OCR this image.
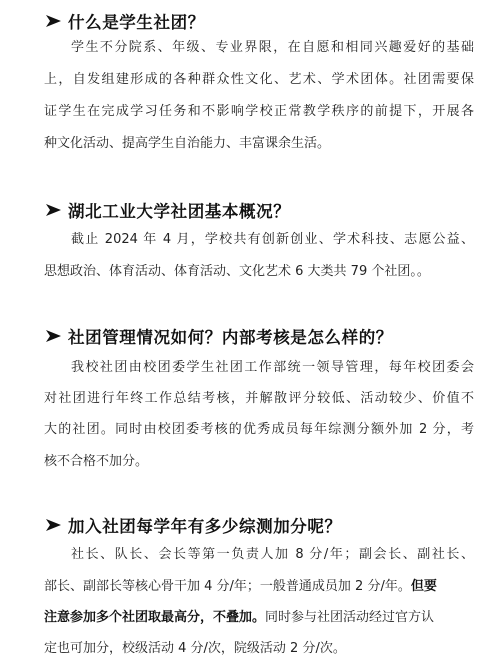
什么是学生社团？
学生不分院系、年级、专业界限，在自愿和相同兴趣爱好的基础
上，自发组建形成的各种群众性文化、艺术、学术团体。社团需要保
证学生在完成学习任务和不影响学校正常教学秩序的前提下，开展各
种文化活动、提高学生自治能力、丰富课余生活。
湖北工业大学社团基本概况？
截止 2024 年 4 月，学校共有创新创业、学术科技、志愿公益、
思想政治、体育活动、体育活动、文化艺术 6 大类共 79 个社团。。
社团管理情况如何？内部考核是怎么样的？
我校社团由校团委学生社团工作部统一领导管理，每年校团委会
对社团进行年终工作总结考核，并解散评分较低、活动较少、价值不
大的社团。同时由校团委考核的优秀成员每年综测分额外加 2 分，考
核不合格不加分。
加入社团每学年有多少综测加分呢？
社长、队长、会长等第一负责人加 8 分/年；副会长、副社长、
部长、副部长等核心骨干加 4 分/年；一般普通成员加 2 分/年。但要
注意参加多个社团取最高分，不叠加。同时参与社团活动经过官方认
定也可加分，校级活动 4 分/次，院级活动 2 分/次。
